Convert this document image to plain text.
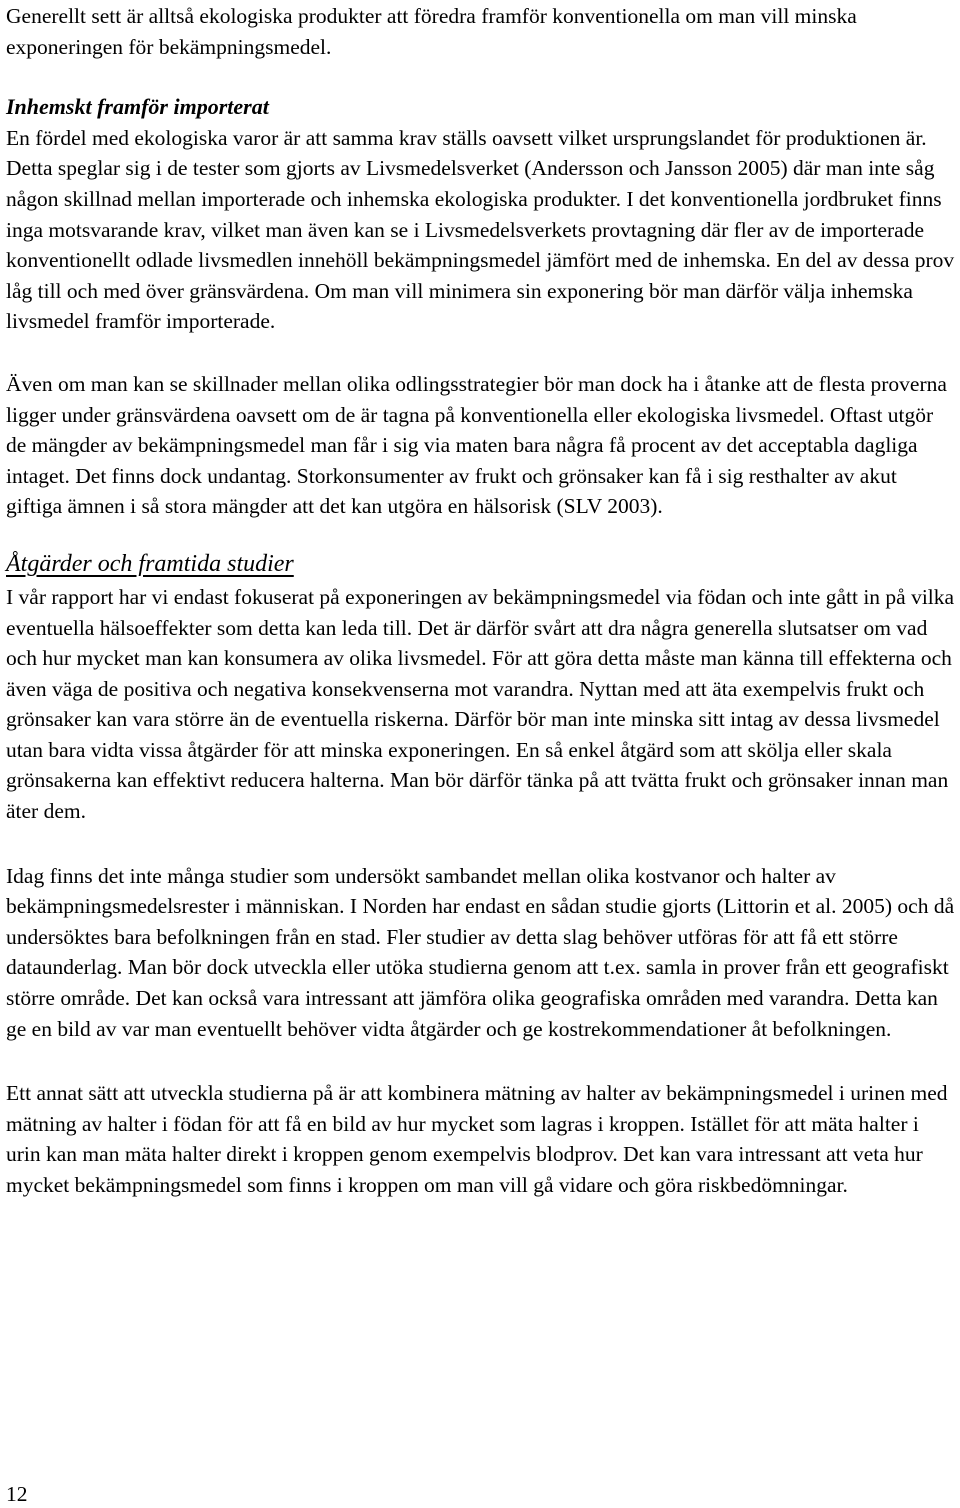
Generellt sett är alltså ekologiska produkter att föredra framför konventionella om man vill minska exponeringen för bekämpningsmedel.

Inhemskt framför importerat

En fördel med ekologiska varor är att samma krav ställs oavsett vilket ursprungslandet för produktionen är. Detta speglar sig i de tester som gjorts av Livsmedelsverket (Andersson och Jansson 2005) där man inte såg någon skillnad mellan importerade och inhemska ekologiska produkter. I det konventionella jordbruket finns inga motsvarande krav, vilket man även kan se i Livsmedelsverkets provtagning där fler av de importerade konventionellt odlade livsmedlen innehöll bekämpningsmedel jämfört med de inhemska. En del av dessa prov låg till och med över gränsvärdena. Om man vill minimera sin exponering bör man därför välja inhemska livsmedel framför importerade.

Även om man kan se skillnader mellan olika odlingsstrategier bör man dock ha i åtanke att de flesta proverna ligger under gränsvärdena oavsett om de är tagna på konventionella eller ekologiska livsmedel. Oftast utgör de mängder av bekämpningsmedel man får i sig via maten bara några få procent av det acceptabla dagliga intaget. Det finns dock undantag. Storkonsumenter av frukt och grönsaker kan få i sig resthalter av akut giftiga ämnen i så stora mängder att det kan utgöra en hälsorisk (SLV 2003).

Åtgärder och framtida studier

I vår rapport har vi endast fokuserat på exponeringen av bekämpningsmedel via födan och inte gått in på vilka eventuella hälsoeffekter som detta kan leda till. Det är därför svårt att dra några generella slutsatser om vad och hur mycket man kan konsumera av olika livsmedel. För att göra detta måste man känna till effekterna och även väga de positiva och negativa konsekvenserna mot varandra. Nyttan med att äta exempelvis frukt och grönsaker kan vara större än de eventuella riskerna. Därför bör man inte minska sitt intag av dessa livsmedel utan bara vidta vissa åtgärder för att minska exponeringen. En så enkel åtgärd som att skölja eller skala grönsakerna kan effektivt reducera halterna. Man bör därför tänka på att tvätta frukt och grönsaker innan man äter dem.

Idag finns det inte många studier som undersökt sambandet mellan olika kostvanor och halter av bekämpningsmedelsrester i människan. I Norden har endast en sådan studie gjorts (Littorin et al. 2005) och då undersöktes bara befolkningen från en stad. Fler studier av detta slag behöver utföras för att få ett större dataunderlag. Man bör dock utveckla eller utöka studierna genom att t.ex. samla in prover från ett geografiskt större område. Det kan också vara intressant att jämföra olika geografiska områden med varandra. Detta kan ge en bild av var man eventuellt behöver vidta åtgärder och ge kostrekommendationer åt befolkningen.

Ett annat sätt att utveckla studierna på är att kombinera mätning av halter av bekämpningsmedel i urinen med mätning av halter i födan för att få en bild av hur mycket som lagras i kroppen. Istället för att mäta halter i urin kan man mäta halter direkt i kroppen genom exempelvis blodprov. Det kan vara intressant att veta hur mycket bekämpningsmedel som finns i kroppen om man vill gå vidare och göra riskbedömningar.

12
